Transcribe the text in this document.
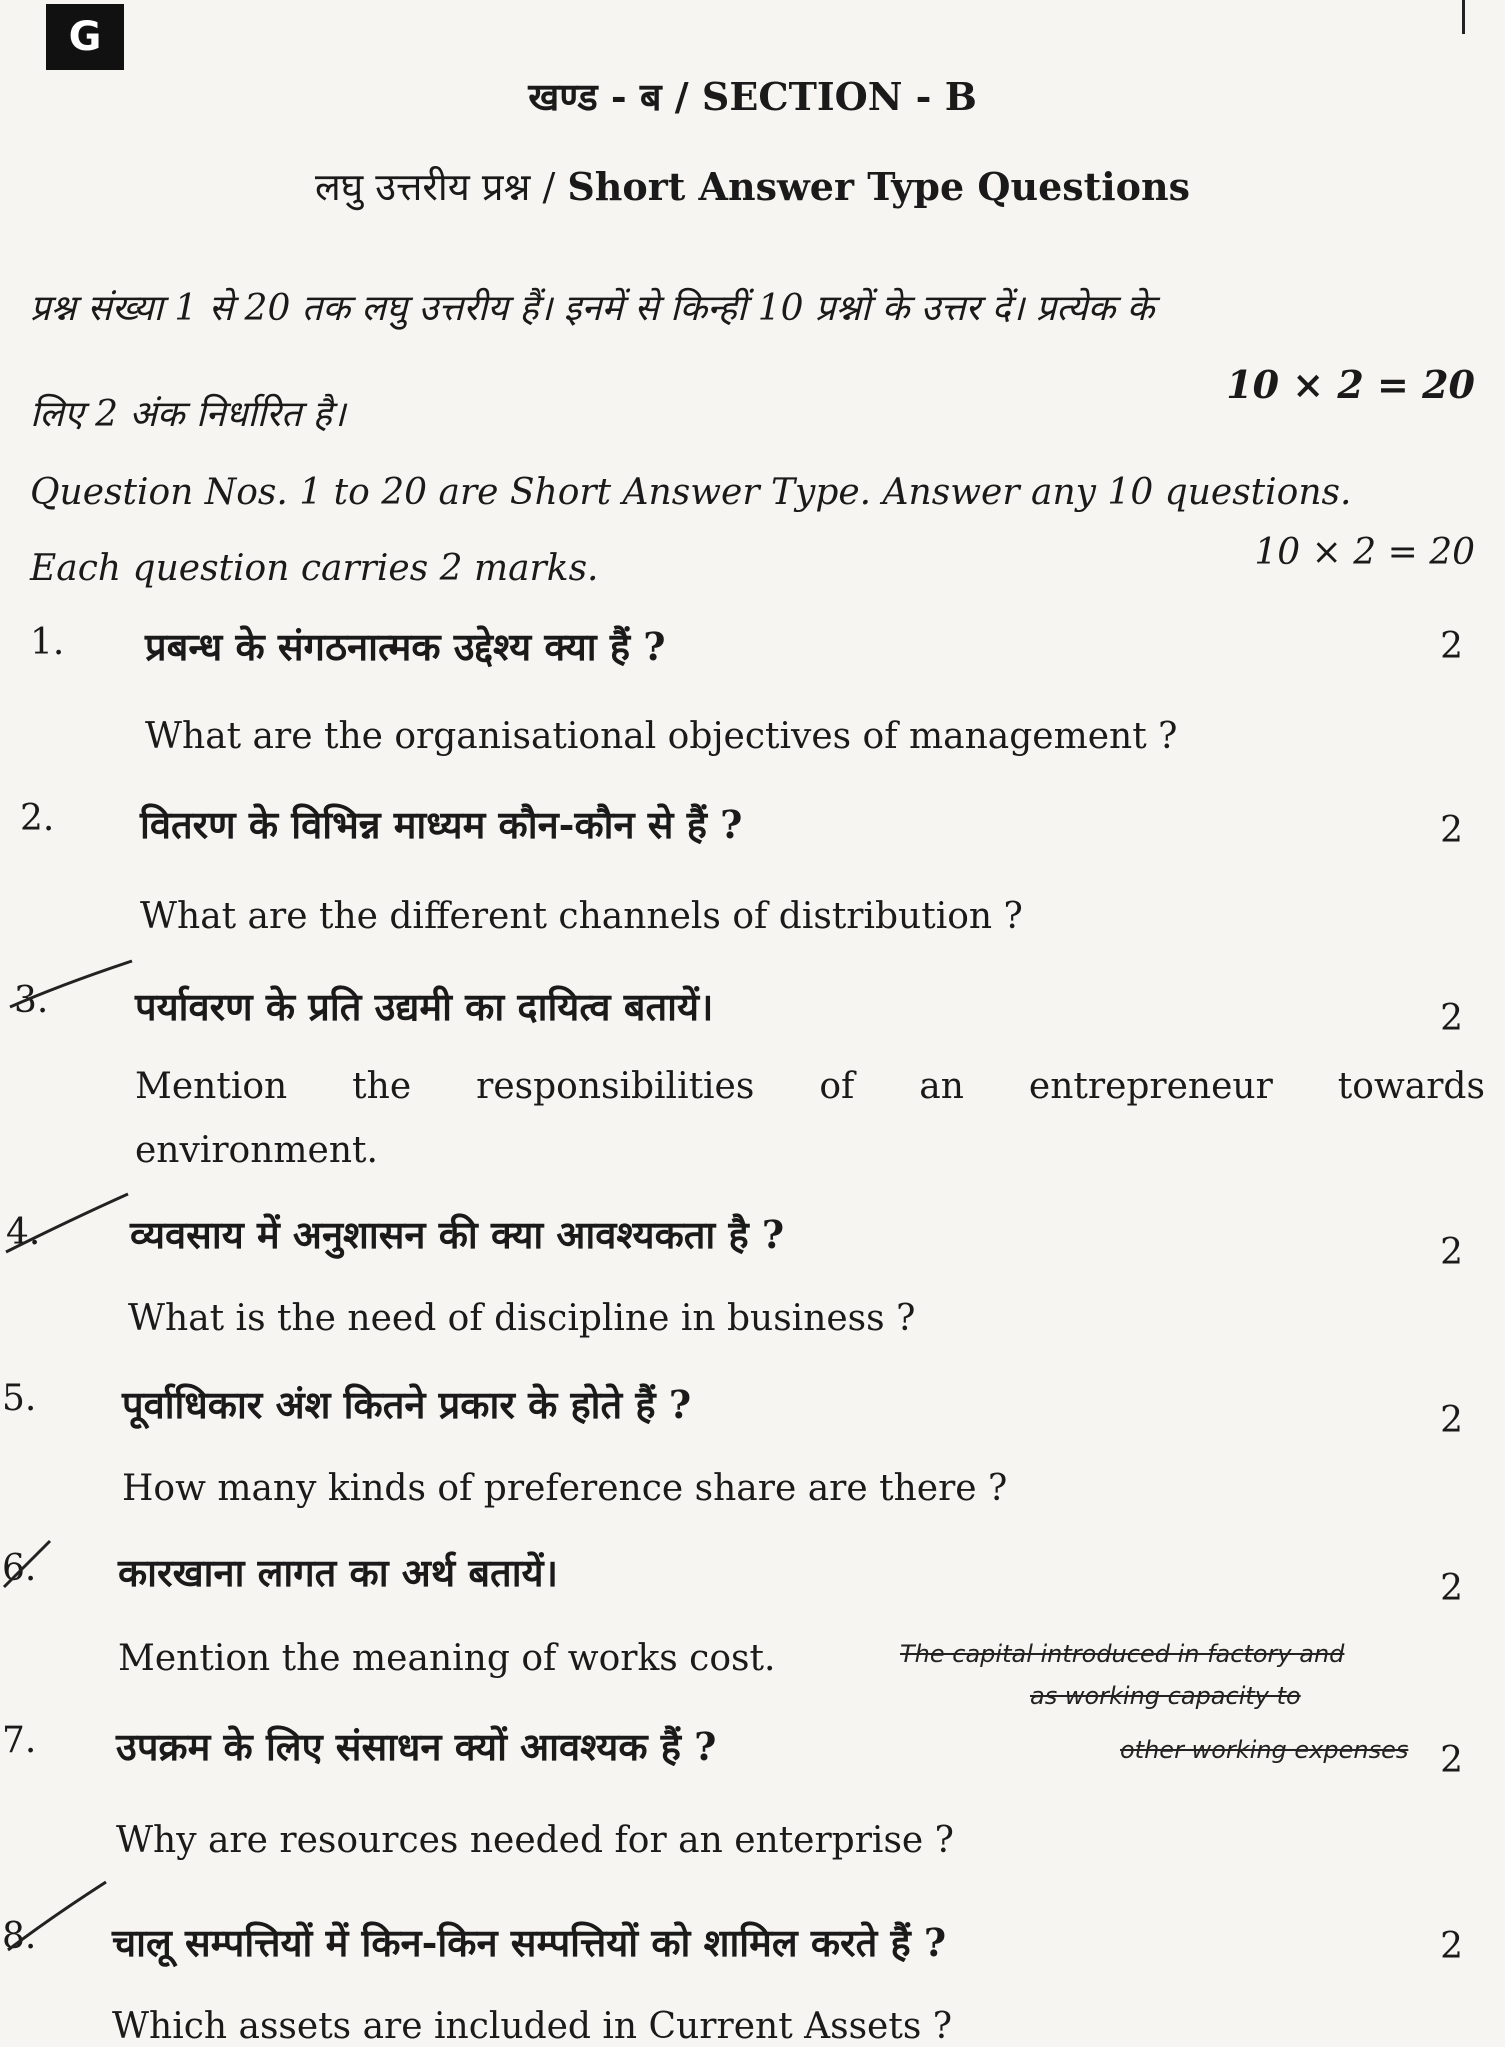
G
खण्ड - ब / SECTION - B
लघु उत्तरीय प्रश्न / Short Answer Type Questions
प्रश्न संख्या 1 से 20 तक लघु उत्तरीय हैं। इनमें से किन्हीं 10 प्रश्नों के उत्तर दें। प्रत्येक के
लिए 2 अंक निर्धारित है।
10 × 2 = 20
Question Nos. 1 to 20 are Short Answer Type. Answer any 10 questions.
Each question carries 2 marks.	10 × 2 = 20
1. प्रबन्ध के संगठनात्मक उद्देश्य क्या हैं ?	2
What are the organisational objectives of management ?
2. वितरण के विभिन्न माध्यम कौन-कौन से हैं ?	2
What are the different channels of distribution ?
3. पर्यावरण के प्रति उद्यमी का दायित्व बतायें।	2
Mention the responsibilities of an entrepreneur towards
environment.
4. व्यवसाय में अनुशासन की क्या आवश्यकता है ?	2
What is the need of discipline in business ?
5. पूर्वाधिकार अंश कितने प्रकार के होते हैं ?	2
How many kinds of preference share are there ?
6. कारखाना लागत का अर्थ बतायें।	2
Mention the meaning of works cost.	The capital introduced in factory and
as working capacity to
other working expenses
7. उपक्रम के लिए संसाधन क्यों आवश्यक हैं ?	2
Why are resources needed for an enterprise ?
8. चालू सम्पत्तियों में किन-किन सम्पत्तियों को शामिल करते हैं ?	2
Which assets are included in Current Assets ?
